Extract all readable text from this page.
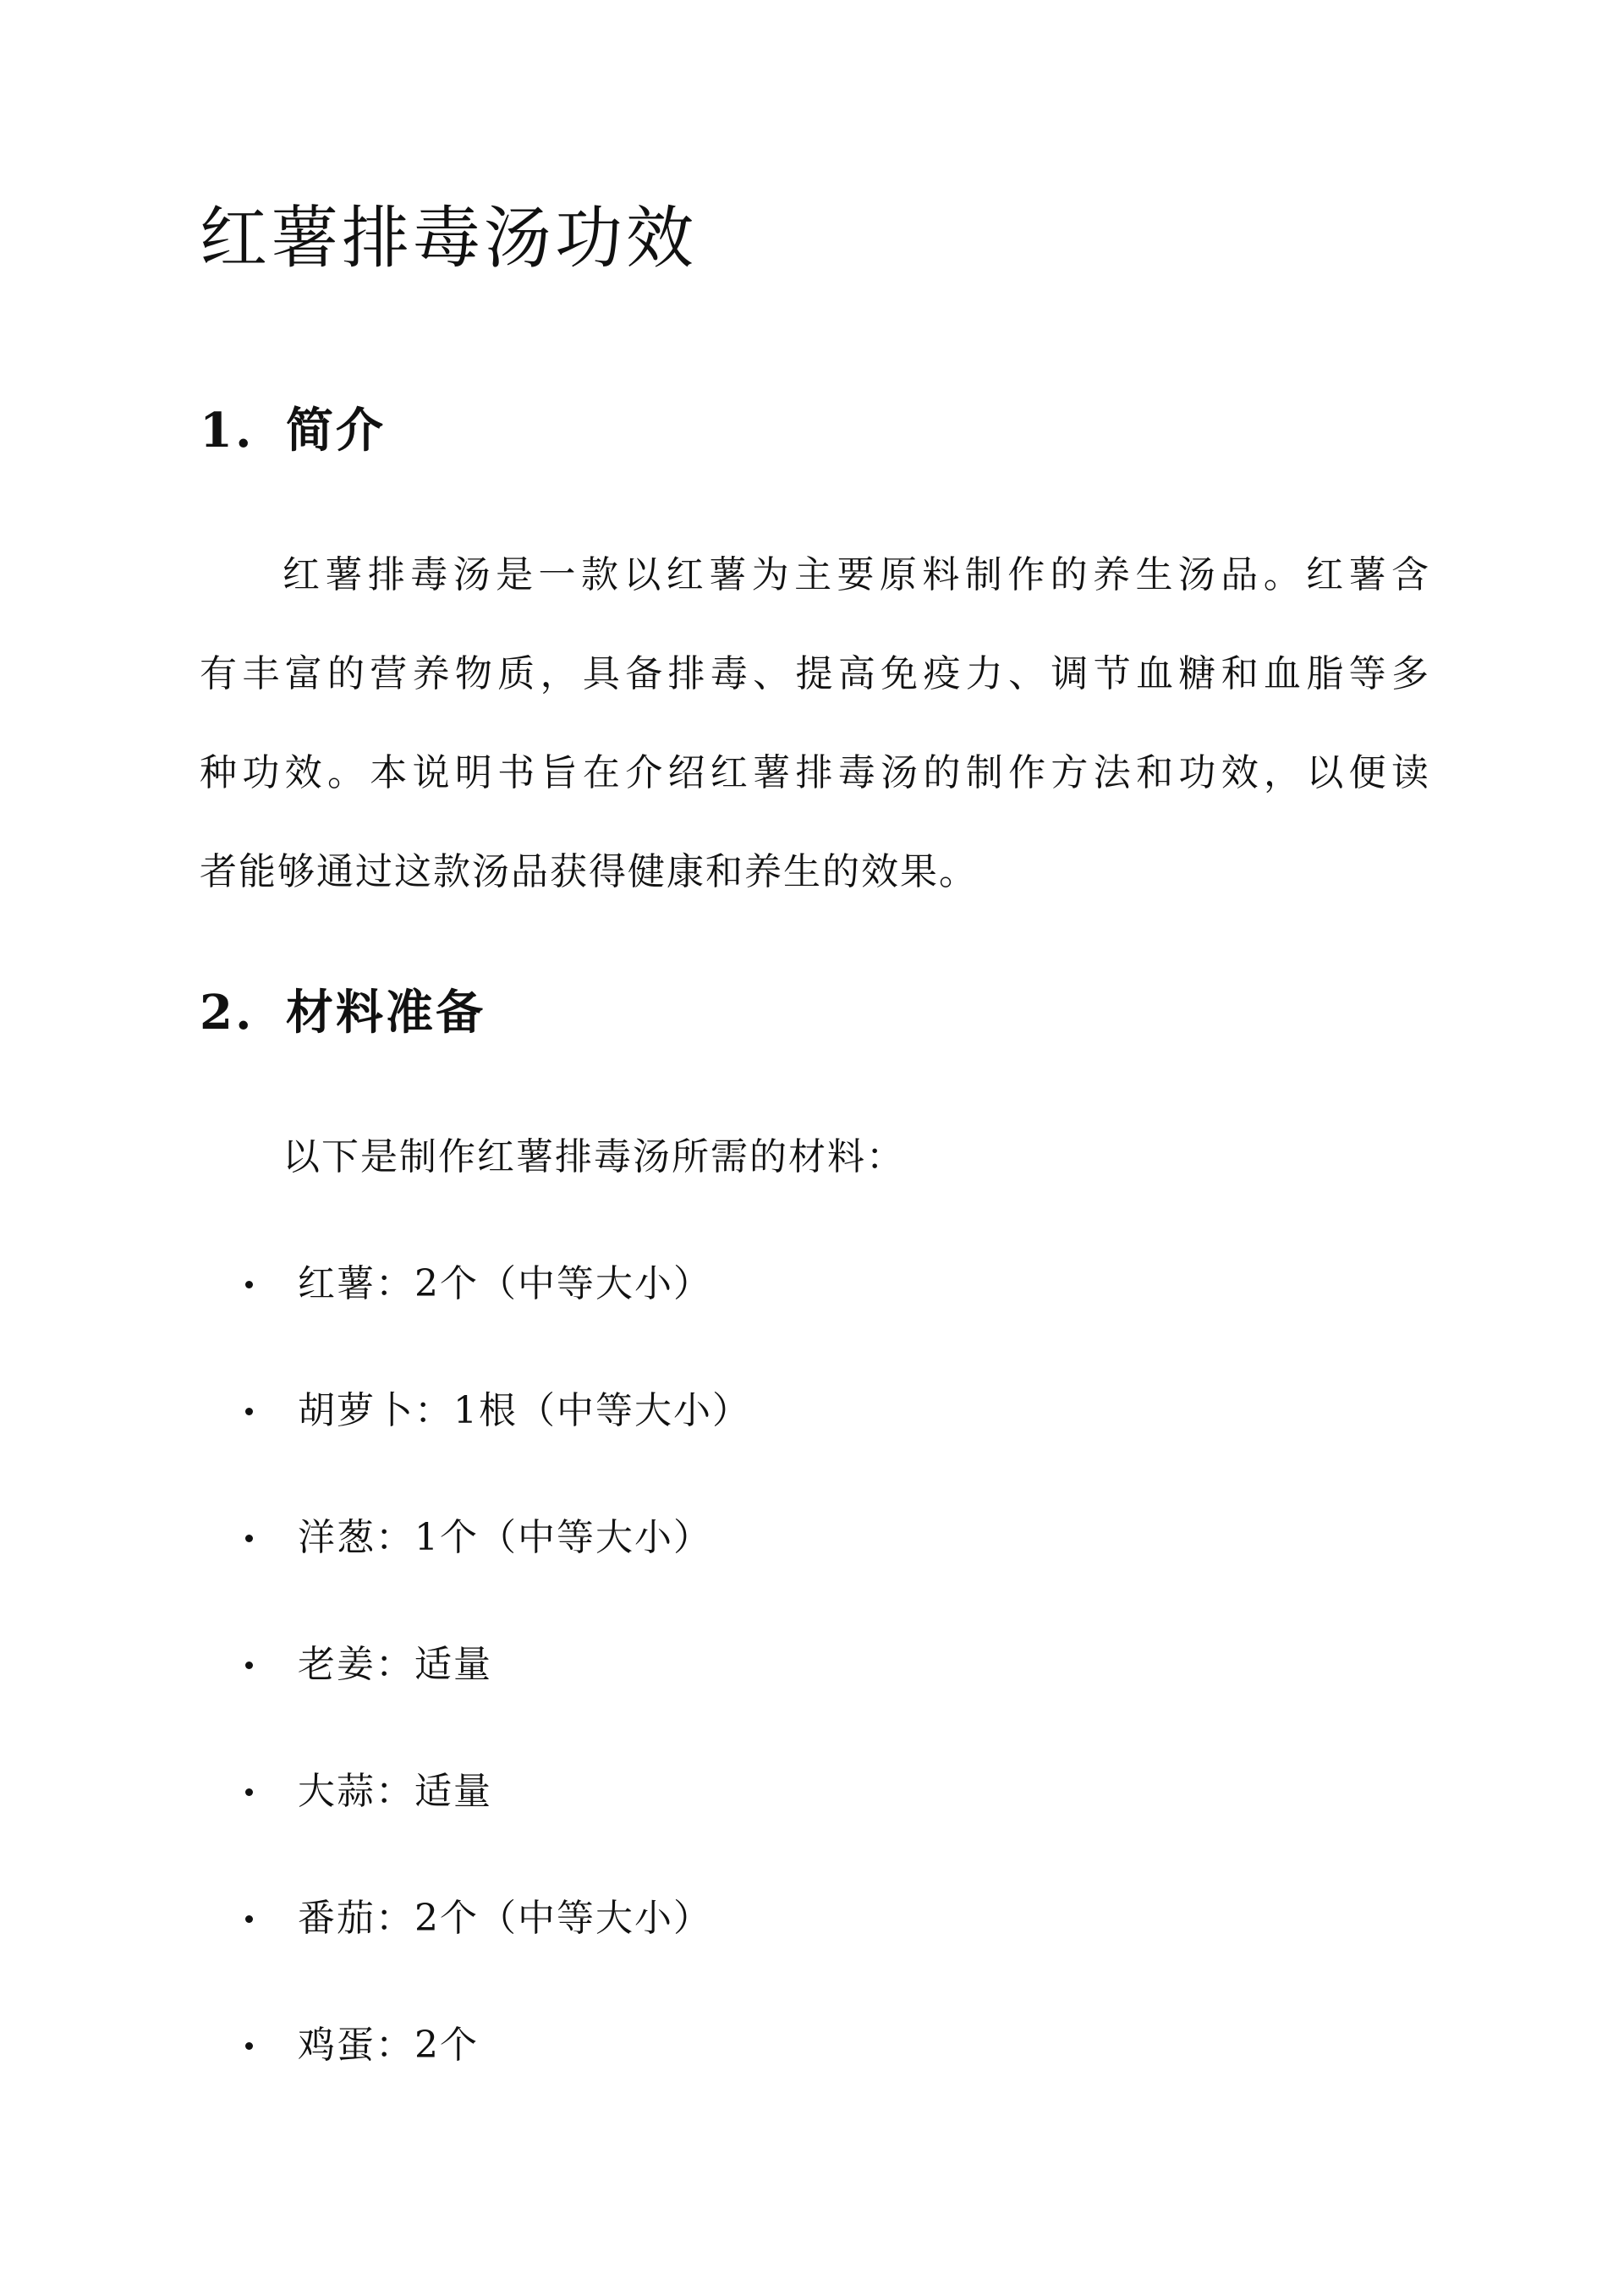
红薯排毒汤功效
1. 简介

红薯排毒汤是一款以红薯为主要原料制作的养生汤品。红薯含

有丰富的营养物质，具备排毒、提高免疫力、调节血糖和血脂等多

种功效。本说明书旨在介绍红薯排毒汤的制作方法和功效，以便读

者能够通过这款汤品获得健康和养生的效果。

2. 材料准备

以下是制作红薯排毒汤所需的材料：

红薯：2个（中等大小）
胡萝卜：1根（中等大小）
洋葱：1个（中等大小）
老姜：适量
大蒜：适量
番茄：2个（中等大小）
鸡蛋：2个
